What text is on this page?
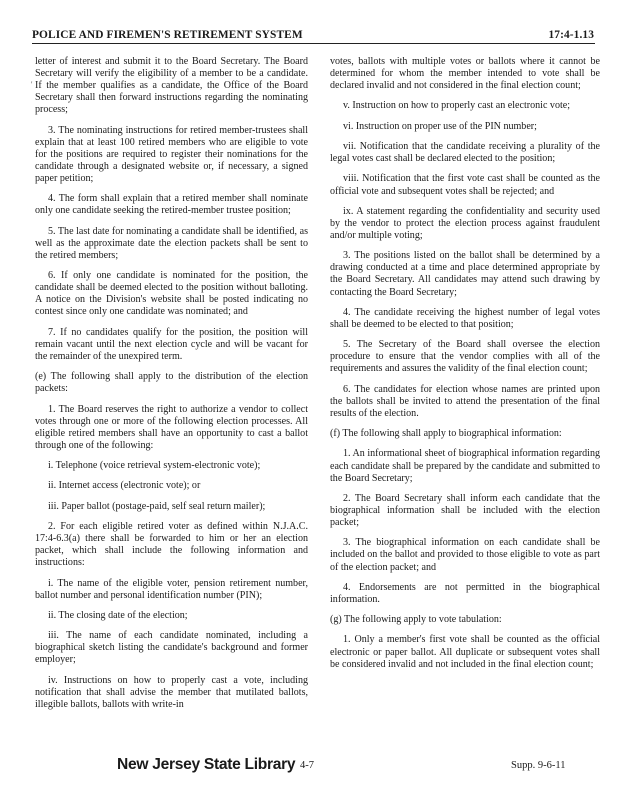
POLICE AND FIREMEN'S RETIREMENT SYSTEM	17:4-1.13
'

letter of interest and submit it to the Board Secretary. The Board Secretary will verify the eligibility of a member to be a candidate. If the member qualifies as a candidate, the Office of the Board Secretary shall then forward instructions regarding the nominating process;

3. The nominating instructions for retired member-trustees shall explain that at least 100 retired members who are eligible to vote for the positions are required to register their nominations for the candidate through a designated website or, if necessary, a signed paper petition;

4. The form shall explain that a retired member shall nominate only one candidate seeking the retired-member trustee position;

5. The last date for nominating a candidate shall be identified, as well as the approximate date the election packets shall be sent to the retired members;

6. If only one candidate is nominated for the position, the candidate shall be deemed elected to the position without balloting. A notice on the Division's website shall be posted indicating no contest since only one candidate was nominated; and

7. If no candidates qualify for the position, the position will remain vacant until the next election cycle and will be vacant for the remainder of the unexpired term.

(e) The following shall apply to the distribution of the election packets:

1. The Board reserves the right to authorize a vendor to collect votes through one or more of the following election processes. All eligible retired members shall have an opportunity to cast a ballot through one of the following:

i. Telephone (voice retrieval system-electronic vote);

ii. Internet access (electronic vote); or

iii. Paper ballot (postage-paid, self seal return mailer);

2. For each eligible retired voter as defined within N.J.A.C. 17:4-6.3(a) there shall be forwarded to him or her an election packet, which shall include the following information and instructions:

i. The name of the eligible voter, pension retirement number, ballot number and personal identification number (PIN);

ii. The closing date of the election;

iii. The name of each candidate nominated, including a biographical sketch listing the candidate's background and former employer;

iv. Instructions on how to properly cast a vote, including notification that shall advise the member that mutilated ballots, illegible ballots, ballots with write-in

votes, ballots with multiple votes or ballots where it cannot be determined for whom the member intended to vote shall be declared invalid and not considered in the final election count;

v. Instruction on how to properly cast an electronic vote;

vi. Instruction on proper use of the PIN number;

vii. Notification that the candidate receiving a plurality of the legal votes cast shall be declared elected to the position;

viii. Notification that the first vote cast shall be counted as the official vote and subsequent votes shall be rejected; and

ix. A statement regarding the confidentiality and security used by the vendor to protect the election process against fraudulent and/or multiple voting;

3. The positions listed on the ballot shall be determined by a drawing conducted at a time and place determined appropriate by the Board Secretary. All candidates may attend such drawing by contacting the Board Secretary;

4. The candidate receiving the highest number of legal votes shall be deemed to be elected to that position;

5. The Secretary of the Board shall oversee the election procedure to ensure that the vendor complies with all of the requirements and assures the validity of the final election count;

6. The candidates for election whose names are printed upon the ballots shall be invited to attend the presentation of the final results of the election.

(f) The following shall apply to biographical information:

1. An informational sheet of biographical information regarding each candidate shall be prepared by the candidate and submitted to the Board Secretary;

2. The Board Secretary shall inform each candidate that the biographical information shall be included with the election packet;

3. The biographical information on each candidate shall be included on the ballot and provided to those eligible to vote as part of the election packet; and

4. Endorsements are not permitted in the biographical information.

(g) The following apply to vote tabulation:

1. Only a member's first vote shall be counted as the official electronic or paper ballot. All duplicate or subsequent votes shall be considered invalid and not included in the final election count;

New Jersey State Library 4-7	Supp. 9-6-11
